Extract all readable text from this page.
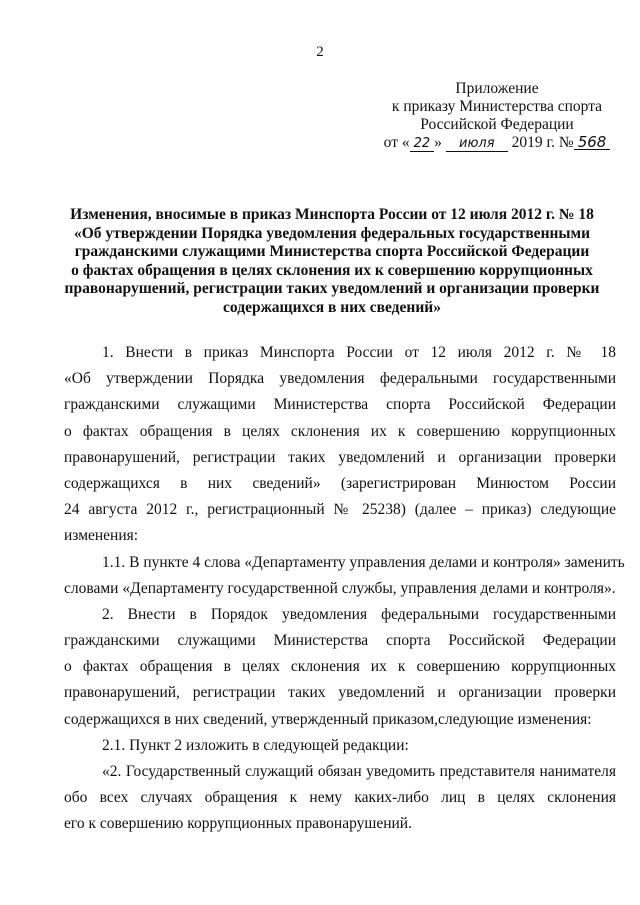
2
Приложение
к приказу Министерства спорта
Российской Федерации
от « 22 » июля 2019 г. № 568
Изменения, вносимые в приказ Минспорта России от 12 июля 2012 г. № 18
«Об утверждении Порядка уведомления федеральных государственными
гражданскими служащими Министерства спорта Российской Федерации
о фактах обращения в целях склонения их к совершению коррупционных
правонарушений, регистрации таких уведомлений и организации проверки
содержащихся в них сведений»
1. Внести в приказ Минспорта России от 12 июля 2012 г. № 18
«Об утверждении Порядка уведомления федеральными государственными
гражданскими служащими Министерства спорта Российской Федерации
о фактах обращения в целях склонения их к совершению коррупционных
правонарушений, регистрации таких уведомлений и организации проверки
содержащихся в них сведений» (зарегистрирован Минюстом России
24 августа 2012 г., регистрационный № 25238) (далее – приказ) следующие
изменения:
1.1. В пункте 4 слова «Департаменту управления делами и контроля» заменить
словами «Департаменту государственной службы, управления делами и контроля».
2. Внести в Порядок уведомления федеральными государственными
гражданскими служащими Министерства спорта Российской Федерации
о фактах обращения в целях склонения их к совершению коррупционных
правонарушений, регистрации таких уведомлений и организации проверки
содержащихся в них сведений, утвержденный приказом,следующие изменения:
2.1. Пункт 2 изложить в следующей редакции:
«2. Государственный служащий обязан уведомить представителя нанимателя
обо всех случаях обращения к нему каких-либо лиц в целях склонения
его к совершению коррупционных правонарушений.
